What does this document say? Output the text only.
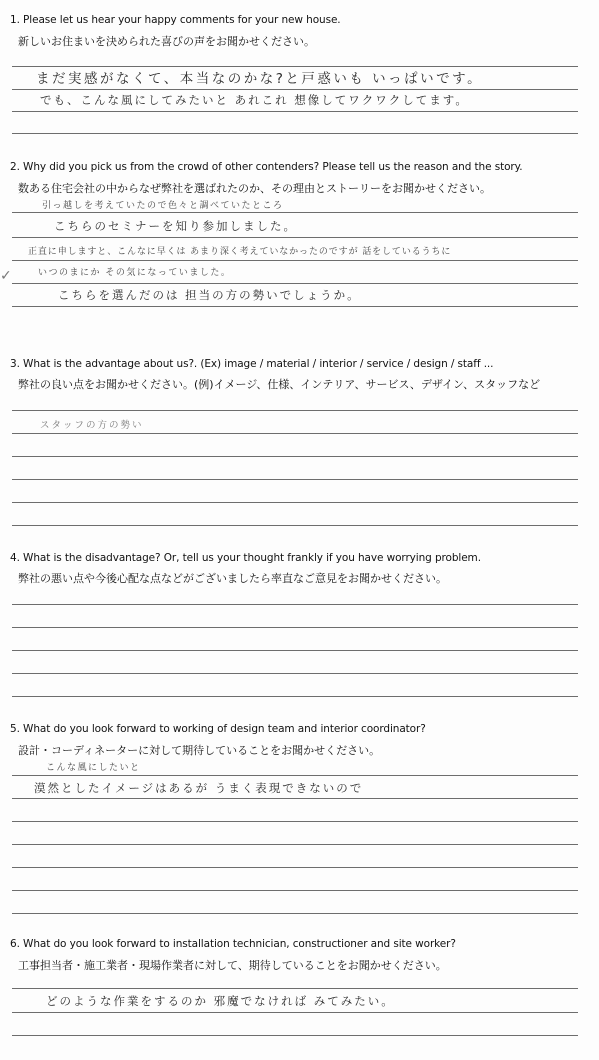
1. Please let us hear your happy comments for your new house.
新しいお住まいを決められた喜びの声をお聞かせください。
まだ実感がなくて、本当なのかな?と戸惑いも いっぱいです。
でも、こんな風にしてみたいと あれこれ 想像してワクワクしてます。
2. Why did you pick us from the crowd of other contenders? Please tell us the reason and the story.
数ある住宅会社の中からなぜ弊社を選ばれたのか、その理由とストーリーをお聞かせください。
引っ越しを考えていたので色々と調べていたところ
こちらのセミナーを知り参加しました。
正直に申しますと、こんなに早くは あまり深く考えていなかったのですが 話をしているうちに
いつのまにか その気になっていました。
こちらを選んだのは 担当の方の勢いでしょうか。
✓
3. What is the advantage about us?. (Ex) image / material / interior / service / design / staff ...
弊社の良い点をお聞かせください。(例)イメージ、仕様、インテリア、サービス、デザイン、スタッフなど
スタッフの方の勢い
4. What is the disadvantage? Or, tell us your thought frankly if you have worrying problem.
弊社の悪い点や今後心配な点などがございましたら率直なご意見をお聞かせください。
5. What do you look forward to working of design team and interior coordinator?
設計・コーディネーターに対して期待していることをお聞かせください。
こんな風にしたいと
漠然としたイメージはあるが うまく表現できないので
6. What do you look forward to installation technician, constructioner and site worker?
工事担当者・施工業者・現場作業者に対して、期待していることをお聞かせください。
どのような作業をするのか 邪魔でなければ みてみたい。
